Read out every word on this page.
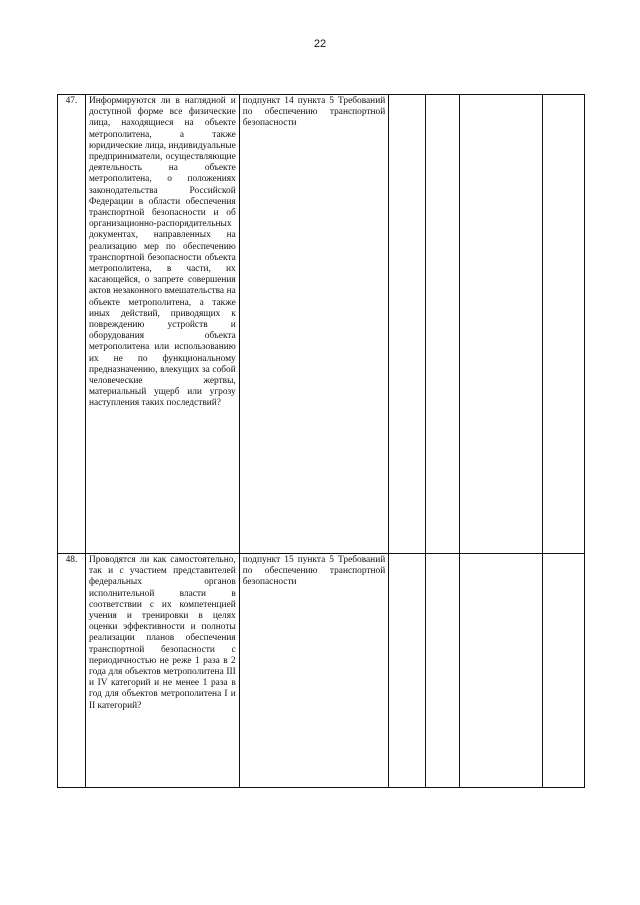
22
47.	Информируются ли в наглядной и доступной форме все физические лица, находящиеся на объекте метрополитена, а также юридические лица, индивидуальные предприниматели, осуществляющие деятельность на объекте метрополитена, о положениях законодательства Российской Федерации в области обеспечения транспортной безопасности и об организационно-распорядительных документах, направленных на реализацию мер по обеспечению транспортной безопасности объекта метрополитена, в части, их касающейся, о запрете совершения актов незаконного вмешательства на объекте метрополитена, а также иных действий, приводящих к повреждению устройств и оборудования объекта метрополитена или использованию их не по функциональному предназначению, влекущих за собой человеческие жертвы, материальный ущерб или угрозу наступления таких последствий?	подпункт 14 пункта 5 Требований по обеспечению транспортной безопасности				
48.	Проводятся ли как самостоятельно, так и с участием представителей федеральных органов исполнительной власти в соответствии с их компетенцией учения и тренировки в целях оценки эффективности и полноты реализации планов обеспечения транспортной безопасности с периодичностью не реже 1 раза в 2 года для объектов метрополитена III и IV категорий и не менее 1 раза в год для объектов метрополитена I и II категорий?	подпункт 15 пункта 5 Требований по обеспечению транспортной безопасности				
